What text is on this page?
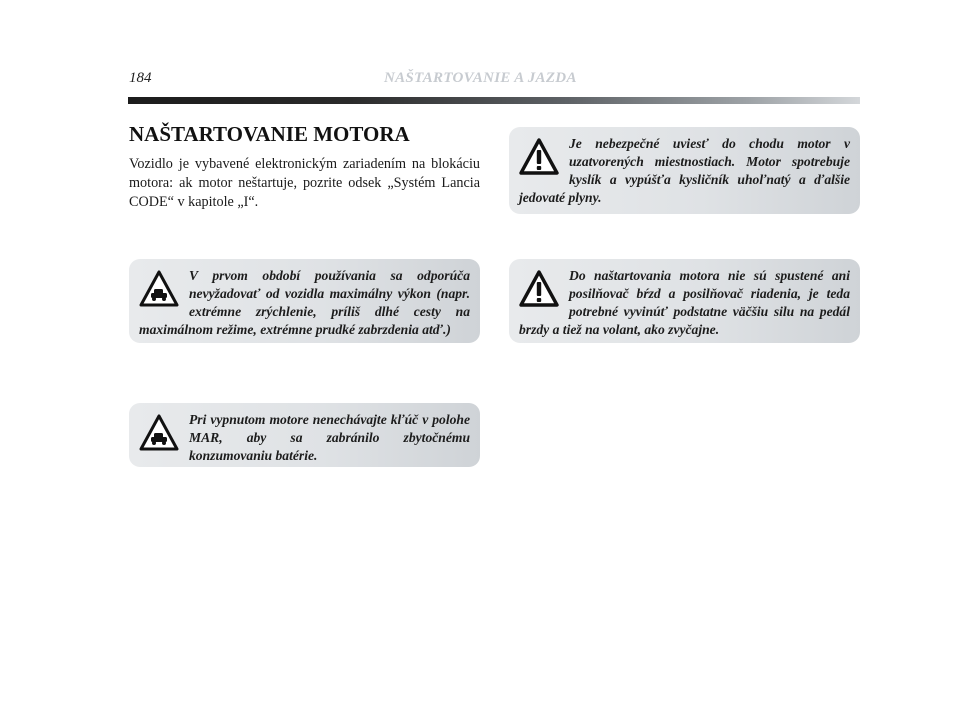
184	NAŠTARTOVANIE A JAZDA
NAŠTARTOVANIE MOTORA

Vozidlo je vybavené elektronickým zariadením na blokáciu motora: ak motor neštartuje, pozrite odsek „Systém Lancia CODE“ v kapitole „I“.

V prvom období používania sa odporúča nevyžadovať od vozidla maximálny výkon (napr. extrémne zrýchlenie, príliš dlhé cesty na maximálnom režime, extrémne prudké zabrzdenia atď.)
Pri vypnutom motore nenechávajte kľúč v polohe MAR, aby sa zabránilo zbytočnému konzumovaniu batérie.
Je nebezpečné uviesť do chodu motor v uzatvorených miestnostiach. Motor spotrebuje kyslík a vypúšťa kysličník uhoľnatý a ďalšie jedovaté plyny.
Do naštartovania motora nie sú spustené ani posilňovač bŕzd a posilňovač riadenia, je teda potrebné vyvinúť podstatne väčšiu silu na pedál brzdy a tiež na volant, ako zvyčajne.
